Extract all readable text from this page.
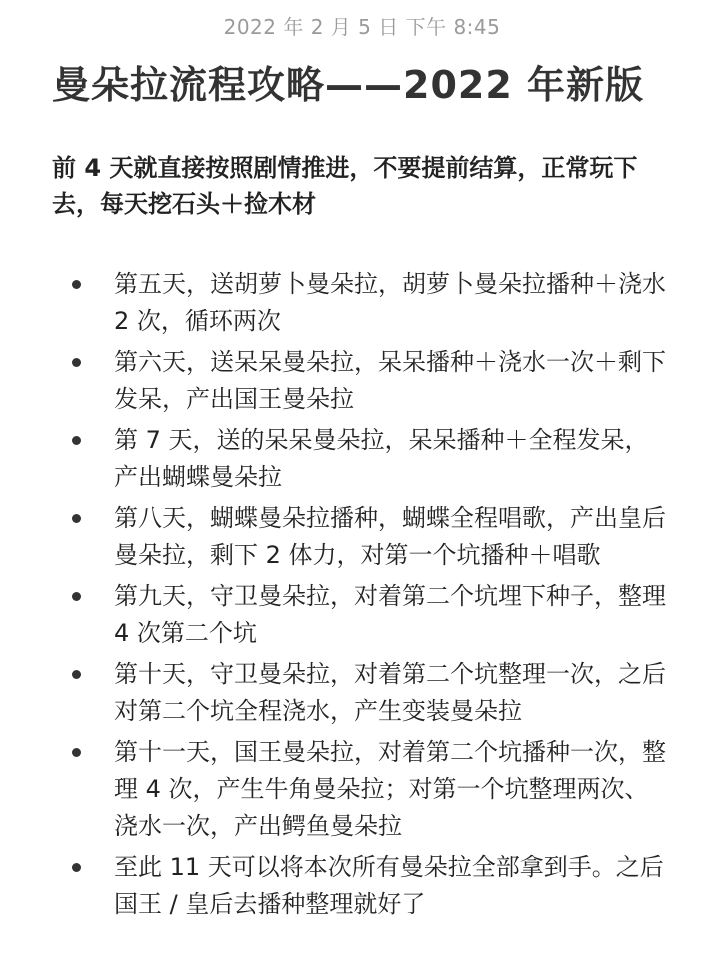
2022 年 2 月 5 日 下午 8:45
曼朵拉流程攻略——2022 年新版

前 4 天就直接按照剧情推进，不要提前结算，正常玩下去，每天挖石头＋捡木材

第五天，送胡萝卜曼朵拉，胡萝卜曼朵拉播种＋浇水 2 次，循环两次
第六天，送呆呆曼朵拉，呆呆播种＋浇水一次＋剩下发呆，产出国王曼朵拉
第 7 天，送的呆呆曼朵拉，呆呆播种＋全程发呆，产出蝴蝶曼朵拉
第八天，蝴蝶曼朵拉播种，蝴蝶全程唱歌，产出皇后曼朵拉，剩下 2 体力，对第一个坑播种＋唱歌
第九天，守卫曼朵拉，对着第二个坑埋下种子，整理 4 次第二个坑
第十天，守卫曼朵拉，对着第二个坑整理一次，之后对第二个坑全程浇水，产生变装曼朵拉
第十一天，国王曼朵拉，对着第二个坑播种一次，整理 4 次，产生牛角曼朵拉；对第一个坑整理两次、浇水一次，产出鳄鱼曼朵拉
至此 11 天可以将本次所有曼朵拉全部拿到手。之后国王 / 皇后去播种整理就好了
